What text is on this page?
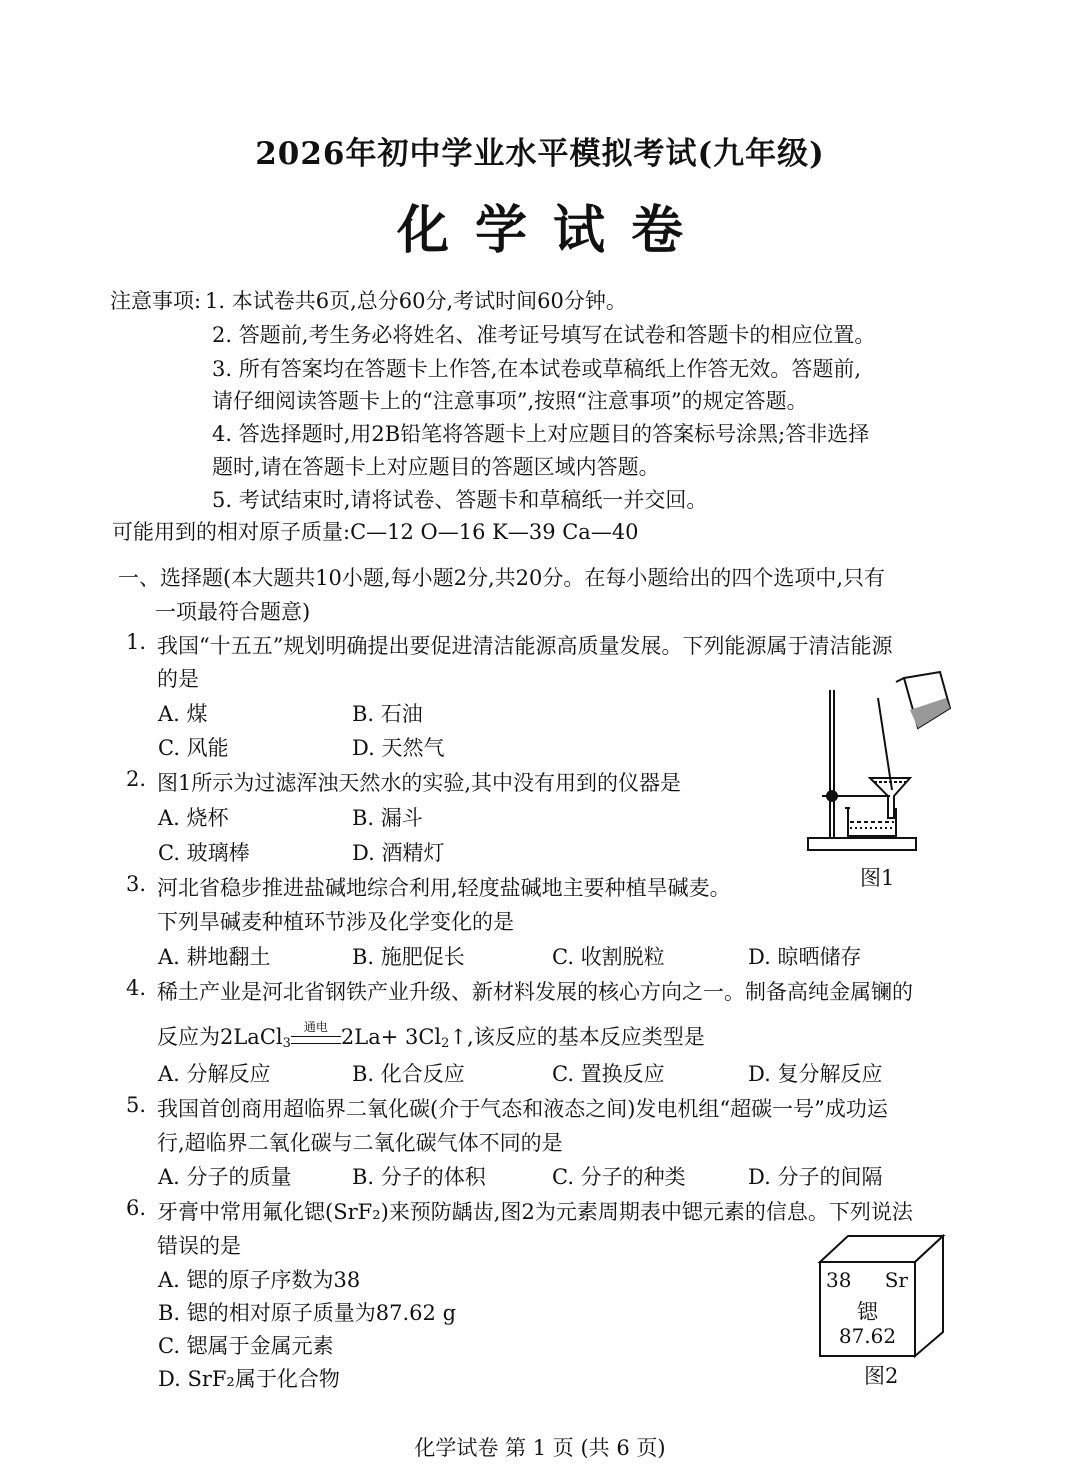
2026年初中学业水平模拟考试(九年级)
化学试卷
注意事项: 1. 本试卷共6页,总分60分,考试时间60分钟。
2. 答题前,考生务必将姓名、准考证号填写在试卷和答题卡的相应位置。
3. 所有答案均在答题卡上作答,在本试卷或草稿纸上作答无效。答题前,
请仔细阅读答题卡上的“注意事项”,按照“注意事项”的规定答题。
4. 答选择题时,用2B铅笔将答题卡上对应题目的答案标号涂黑;答非选择
题时,请在答题卡上对应题目的答题区域内答题。
5. 考试结束时,请将试卷、答题卡和草稿纸一并交回。
可能用到的相对原子质量:C—12 O—16 K—39 Ca—40
一、选择题(本大题共10小题,每小题2分,共20分。在每小题给出的四个选项中,只有
一项最符合题意)
1. 我国“十五五”规划明确提出要促进清洁能源高质量发展。下列能源属于清洁能源
的是
A. 煤	B. 石油
C. 风能	D. 天然气
2. 图1所示为过滤浑浊天然水的实验,其中没有用到的仪器是
A. 烧杯	B. 漏斗
C. 玻璃棒	D. 酒精灯
图1
3. 河北省稳步推进盐碱地综合利用,轻度盐碱地主要种植旱碱麦。
下列旱碱麦种植环节涉及化学变化的是
A. 耕地翻土	B. 施肥促长	C. 收割脱粒	D. 晾晒储存
4. 稀土产业是河北省钢铁产业升级、新材料发展的核心方向之一。制备高纯金属镧的
反应为2LaCl$_3$
通电 $2La+ 3Cl_2↑$,该反应的基本反应类型是
A. 分解反应	B. 化合反应	C. 置换反应	D. 复分解反应
5. 我国首创商用超临界二氧化碳(介于气态和液态之间)发电机组“超碳一号”成功运
行,超临界二氧化碳与二氧化碳气体不同的是
A. 分子的质量	B. 分子的体积	C. 分子的种类	D. 分子的间隔
6. 牙膏中常用氟化锶(SrF₂)来预防龋齿,图2为元素周期表中锶元素的信息。下列说法
错误的是
A. 锶的原子序数为38
B. 锶的相对原子质量为87.62 g
C. 锶属于金属元素
D. SrF₂属于化合物
38 Sr
锶
87.62
图2
化学试卷 第 1 页 (共 6 页)
